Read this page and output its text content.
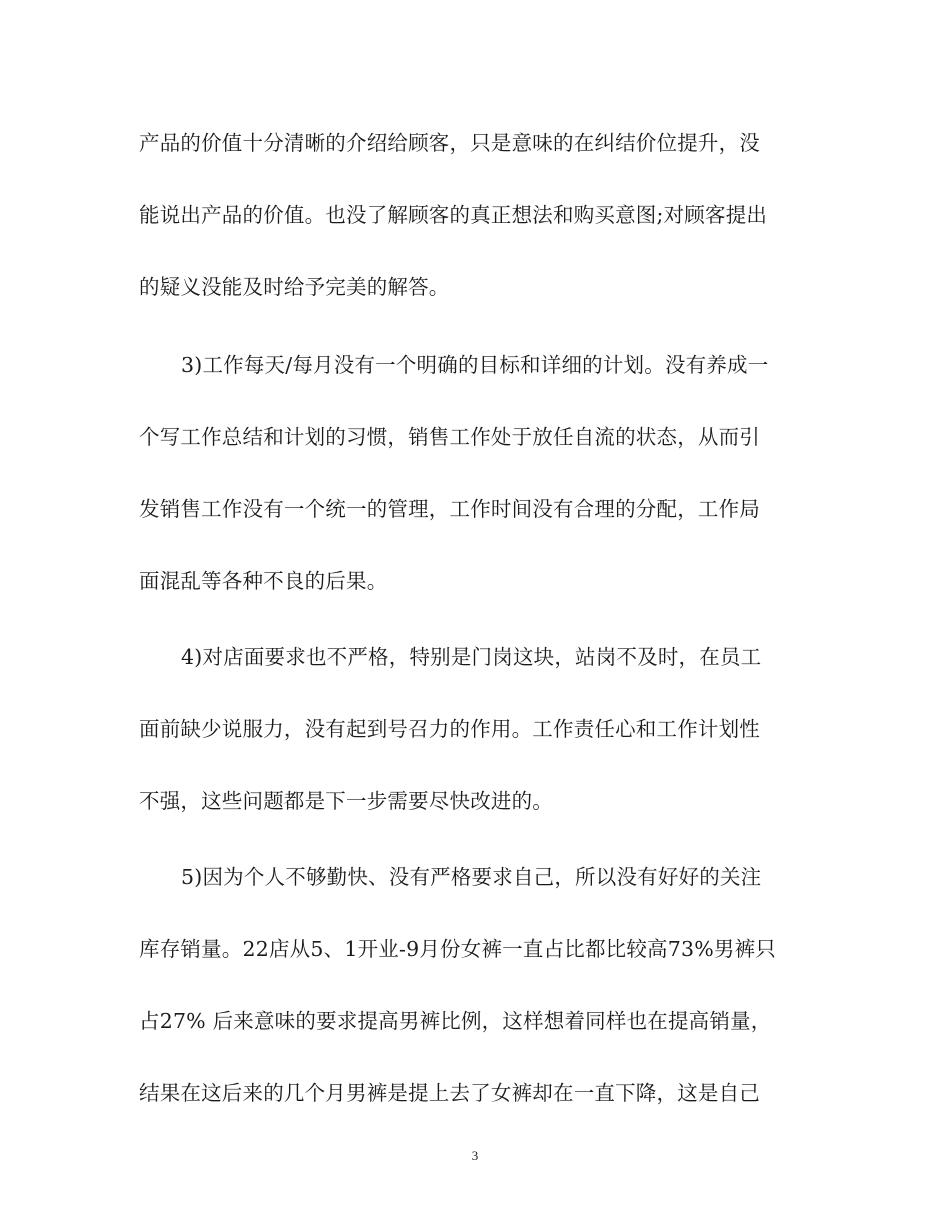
产品的价值十分清晰的介绍给顾客，只是意味的在纠结价位提升，没
能说出产品的价值。也没了解顾客的真正想法和购买意图;对顾客提出
的疑义没能及时给予完美的解答。
3)工作每天/每月没有一个明确的目标和详细的计划。没有养成一
个写工作总结和计划的习惯，销售工作处于放任自流的状态，从而引
发销售工作没有一个统一的管理，工作时间没有合理的分配，工作局
面混乱等各种不良的后果。
4)对店面要求也不严格，特别是门岗这块，站岗不及时，在员工
面前缺少说服力，没有起到号召力的作用。工作责任心和工作计划性
不强，这些问题都是下一步需要尽快改进的。
5)因为个人不够勤快、没有严格要求自己，所以没有好好的关注
库存销量。22店从5、1开业-9月份女裤一直占比都比较高73%男裤只
占27% 后来意味的要求提高男裤比例，这样想着同样也在提高销量，
结果在这后来的几个月男裤是提上去了女裤却在一直下降，这是自己
3
